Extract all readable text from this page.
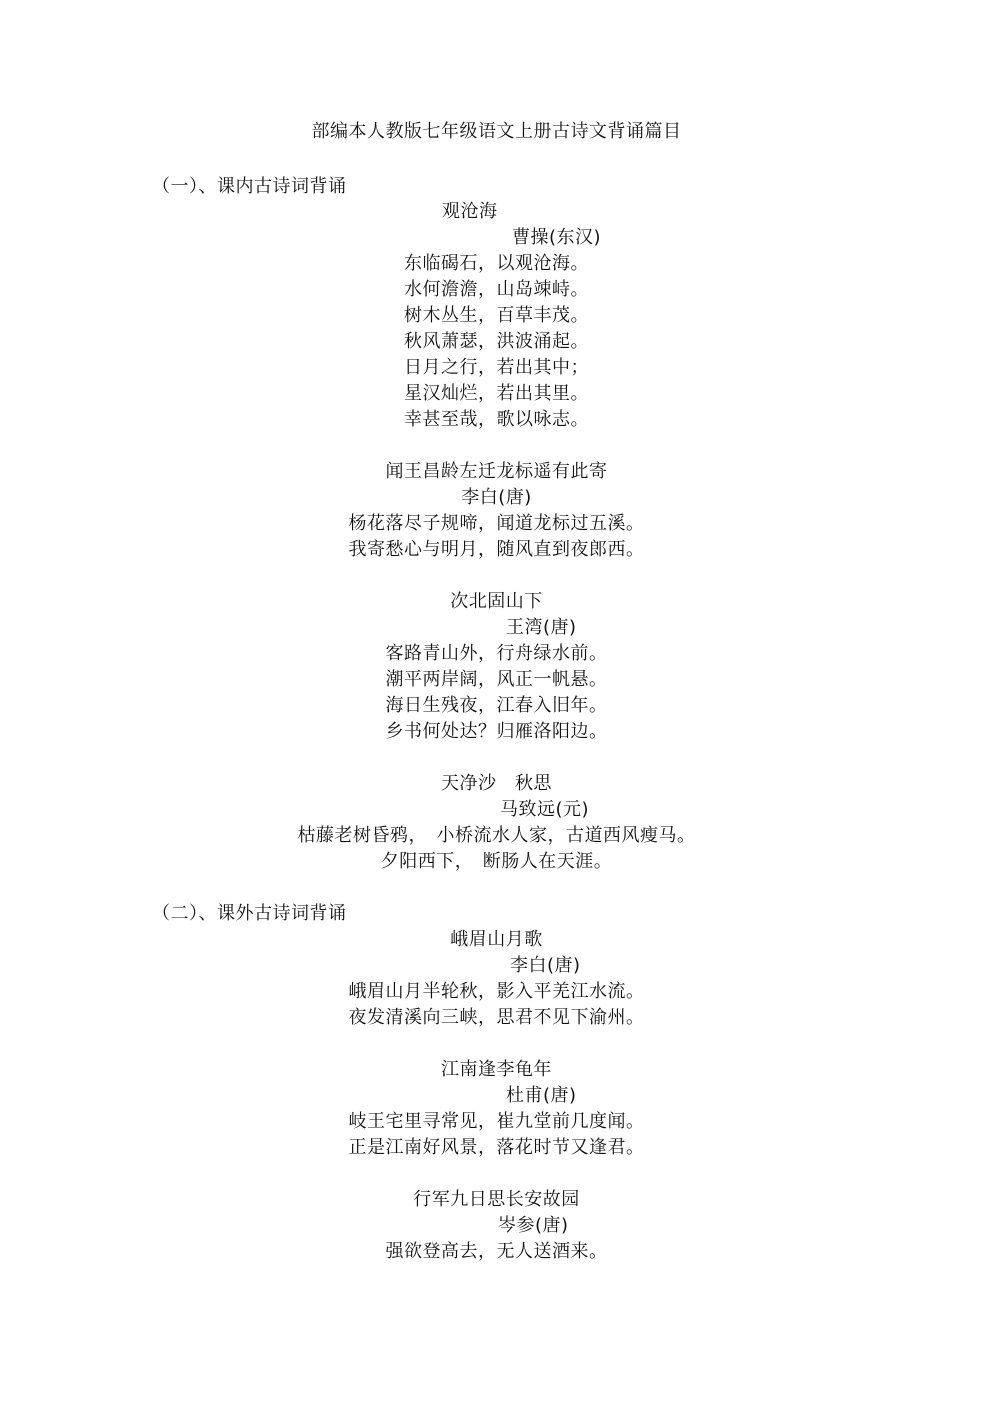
部编本人教版七年级语文上册古诗文背诵篇目
（一）、课内古诗词背诵
观沧海
曹操(东汉)
东临碣石，以观沧海。
水何澹澹，山岛竦峙。
树木丛生，百草丰茂。
秋风萧瑟，洪波涌起。
日月之行，若出其中；
星汉灿烂，若出其里。
幸甚至哉，歌以咏志。
闻王昌龄左迁龙标遥有此寄
李白(唐)
杨花落尽子规啼，闻道龙标过五溪。
我寄愁心与明月，随风直到夜郎西。
次北固山下
王湾(唐)
客路青山外，行舟绿水前。
潮平两岸阔，风正一帆悬。
海日生残夜，江春入旧年。
乡书何处达？归雁洛阳边。
天净沙　秋思
马致远(元)
枯藤老树昏鸦，　小桥流水人家，古道西风瘦马。
夕阳西下，　断肠人在天涯。
（二）、课外古诗词背诵
峨眉山月歌
李白(唐)
峨眉山月半轮秋，影入平羌江水流。
夜发清溪向三峡，思君不见下渝州。
江南逢李龟年
杜甫(唐)
岐王宅里寻常见，崔九堂前几度闻。
正是江南好风景，落花时节又逢君。
行军九日思长安故园
岑参(唐)
强欲登高去，无人送酒来。
